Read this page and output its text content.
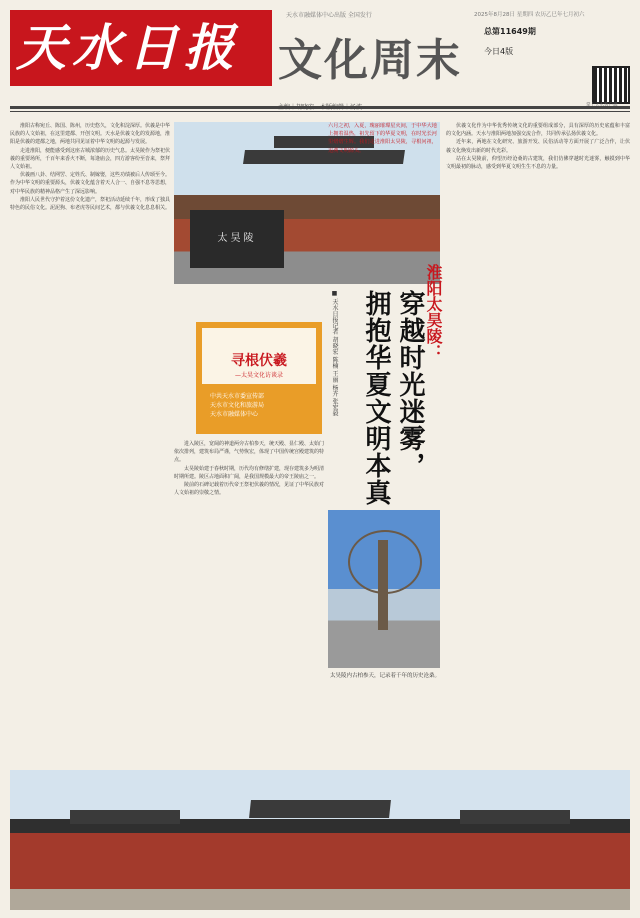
天水日报
天水市融媒体中心出版 全国发行
文化周末
2025年8月28日 星期四 农历乙巳年七月初六
总第11649期
今日4版

淮阳古称宛丘、陈国、陈州，历史悠久，文化积淀深厚。伏羲是中华民族的人文始祖，在这里建都、开创文明。天水是伏羲文化的发源地，淮阳是伏羲的建都之地，两地共同见证着中华文明的起源与发展。

走进淮阳，便能感受到这座古城浓郁的历史气息。太昊陵作为祭祀伏羲的重要场所，千百年来香火不断，每逢庙会，四方游客纷至沓来，祭拜人文始祖。

伏羲画八卦、结网罟、定姓氏、制嫁娶，这些功绩被后人传颂至今。作为中华文明的重要源头，伏羲文化蕴含着天人合一、自强不息等思想，对中华民族的精神品格产生了深远影响。

淮阳人民世代守护着这份文化遗产，祭祀活动延续千年，形成了独具特色的民俗文化。泥泥狗、布老虎等民间艺术，都与伏羲文化息息相关。

太昊陵

六月之初，入夏，瑰丽璀璨星火间，于中华大地上拥着温热，祖先留下的华夏文明，在时光长河里熠熠生辉。我们走进淮阳太昊陵，寻根问祖，追溯文明源头。

淮阳太昊陵：
穿越时光迷雾，
拥抱华夏文明本真
■ 天水日报记者 胡晓宏 陈楠 王丽 杨卉 张宏毅
寻根伏羲
—太昊文化访谈录
中共天水市委宣传部
天水市文化和旅游局
天水市融媒体中心

进入陵区，宽阔的神道两旁古柏参天，统天殿、显仁殿、太始门依次排列，建筑布局严谨，气势恢宏，体现了中国传统宫殿建筑的特点。

太昊陵始建于春秋时期，历代均有修缮扩建，现存建筑多为明清时期所建。陵区占地面积广阔，是我国规模最大的帝王陵庙之一。

陵前的石碑记载着历代帝王祭祀伏羲的情况，见证了中华民族对人文始祖的崇敬之情。

太昊陵内古柏参天，记录着千年的历史沧桑。

伏羲文化作为中华优秀传统文化的重要组成部分，具有深厚的历史底蕴和丰富的文化内涵。天水与淮阳两地加强交流合作，共同传承弘扬伏羲文化。

近年来，两地在文化研究、旅游开发、民俗活动等方面开展了广泛合作，让伏羲文化焕发出新的时代光彩。

站在太昊陵前，仰望历经沧桑的古建筑，我们仿佛穿越时光迷雾，触摸到中华文明最初的脉动，感受到华夏文明生生不息的力量。
